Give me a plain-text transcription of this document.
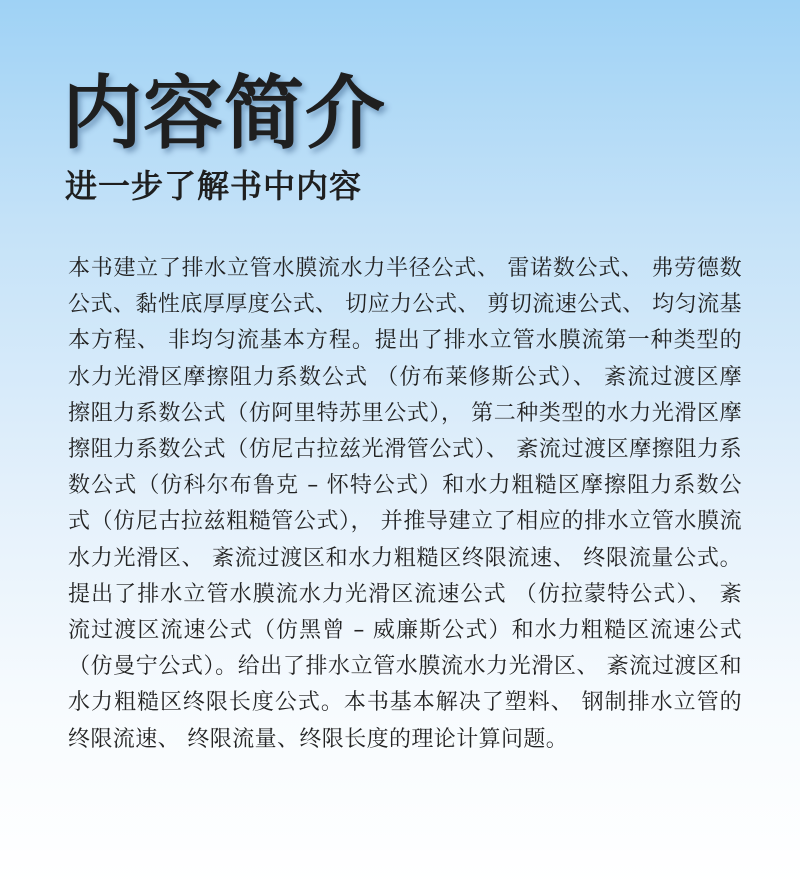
内容简介
进一步了解书中内容

本书建立了排水立管水膜流水力半径公式、 雷诺数公式、 弗劳德数公式、黏性底厚厚度公式、 切应力公式、 剪切流速公式、 均匀流基本方程、 非均匀流基本方程。提出了排水立管水膜流第一种类型的水力光滑区摩擦阻力系数公式 （仿布莱修斯公式）、 紊流过渡区摩擦阻力系数公式（仿阿里特苏里公式）， 第二种类型的水力光滑区摩擦阻力系数公式（仿尼古拉兹光滑管公式）、 紊流过渡区摩擦阻力系数公式（仿科尔布鲁克 – 怀特公式）和水力粗糙区摩擦阻力系数公式（仿尼古拉兹粗糙管公式）， 并推导建立了相应的排水立管水膜流水力光滑区、 紊流过渡区和水力粗糙区终限流速、 终限流量公式。提出了排水立管水膜流水力光滑区流速公式 （仿拉蒙特公式）、 紊流过渡区流速公式（仿黑曾 – 威廉斯公式）和水力粗糙区流速公式 （仿曼宁公式）。给出了排水立管水膜流水力光滑区、 紊流过渡区和水力粗糙区终限长度公式。本书基本解决了塑料、 钢制排水立管的终限流速、 终限流量、终限长度的理论计算问题。
